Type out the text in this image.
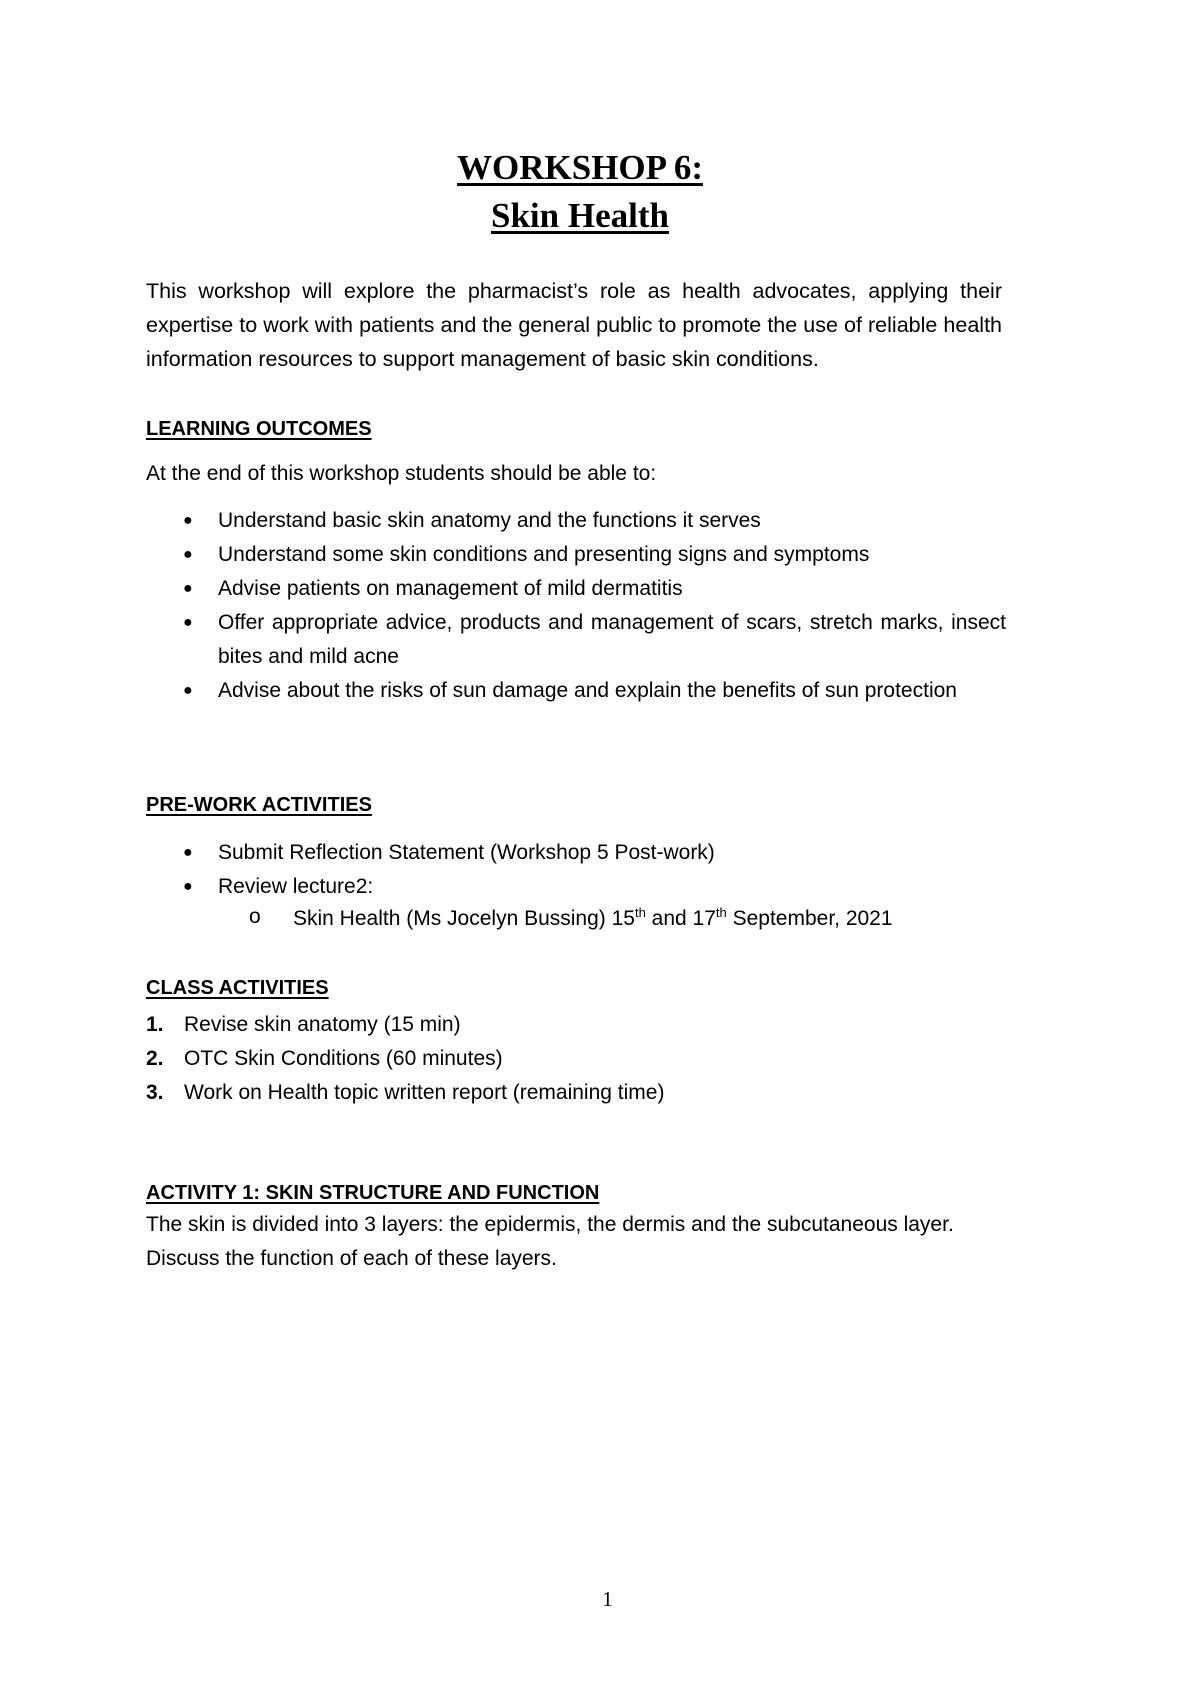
WORKSHOP 6:
Skin Health
This workshop will explore the pharmacist’s role as health advocates, applying their expertise to work with patients and the general public to promote the use of reliable health information resources to support management of basic skin conditions.
LEARNING OUTCOMES
At the end of this workshop students should be able to:
● Understand basic skin anatomy and the functions it serves
● Understand some skin conditions and presenting signs and symptoms
● Advise patients on management of mild dermatitis
● Offer appropriate advice, products and management of scars, stretch marks, insect bites and mild acne
● Advise about the risks of sun damage and explain the benefits of sun protection
PRE-WORK ACTIVITIES
● Submit Reflection Statement (Workshop 5 Post-work)
● Review lecture2:
o Skin Health (Ms Jocelyn Bussing) 15th and 17th September, 2021
CLASS ACTIVITIES
1. Revise skin anatomy (15 min)
2. OTC Skin Conditions (60 minutes)
3. Work on Health topic written report (remaining time)
ACTIVITY 1: SKIN STRUCTURE AND FUNCTION
The skin is divided into 3 layers: the epidermis, the dermis and the subcutaneous layer.
Discuss the function of each of these layers.
1
